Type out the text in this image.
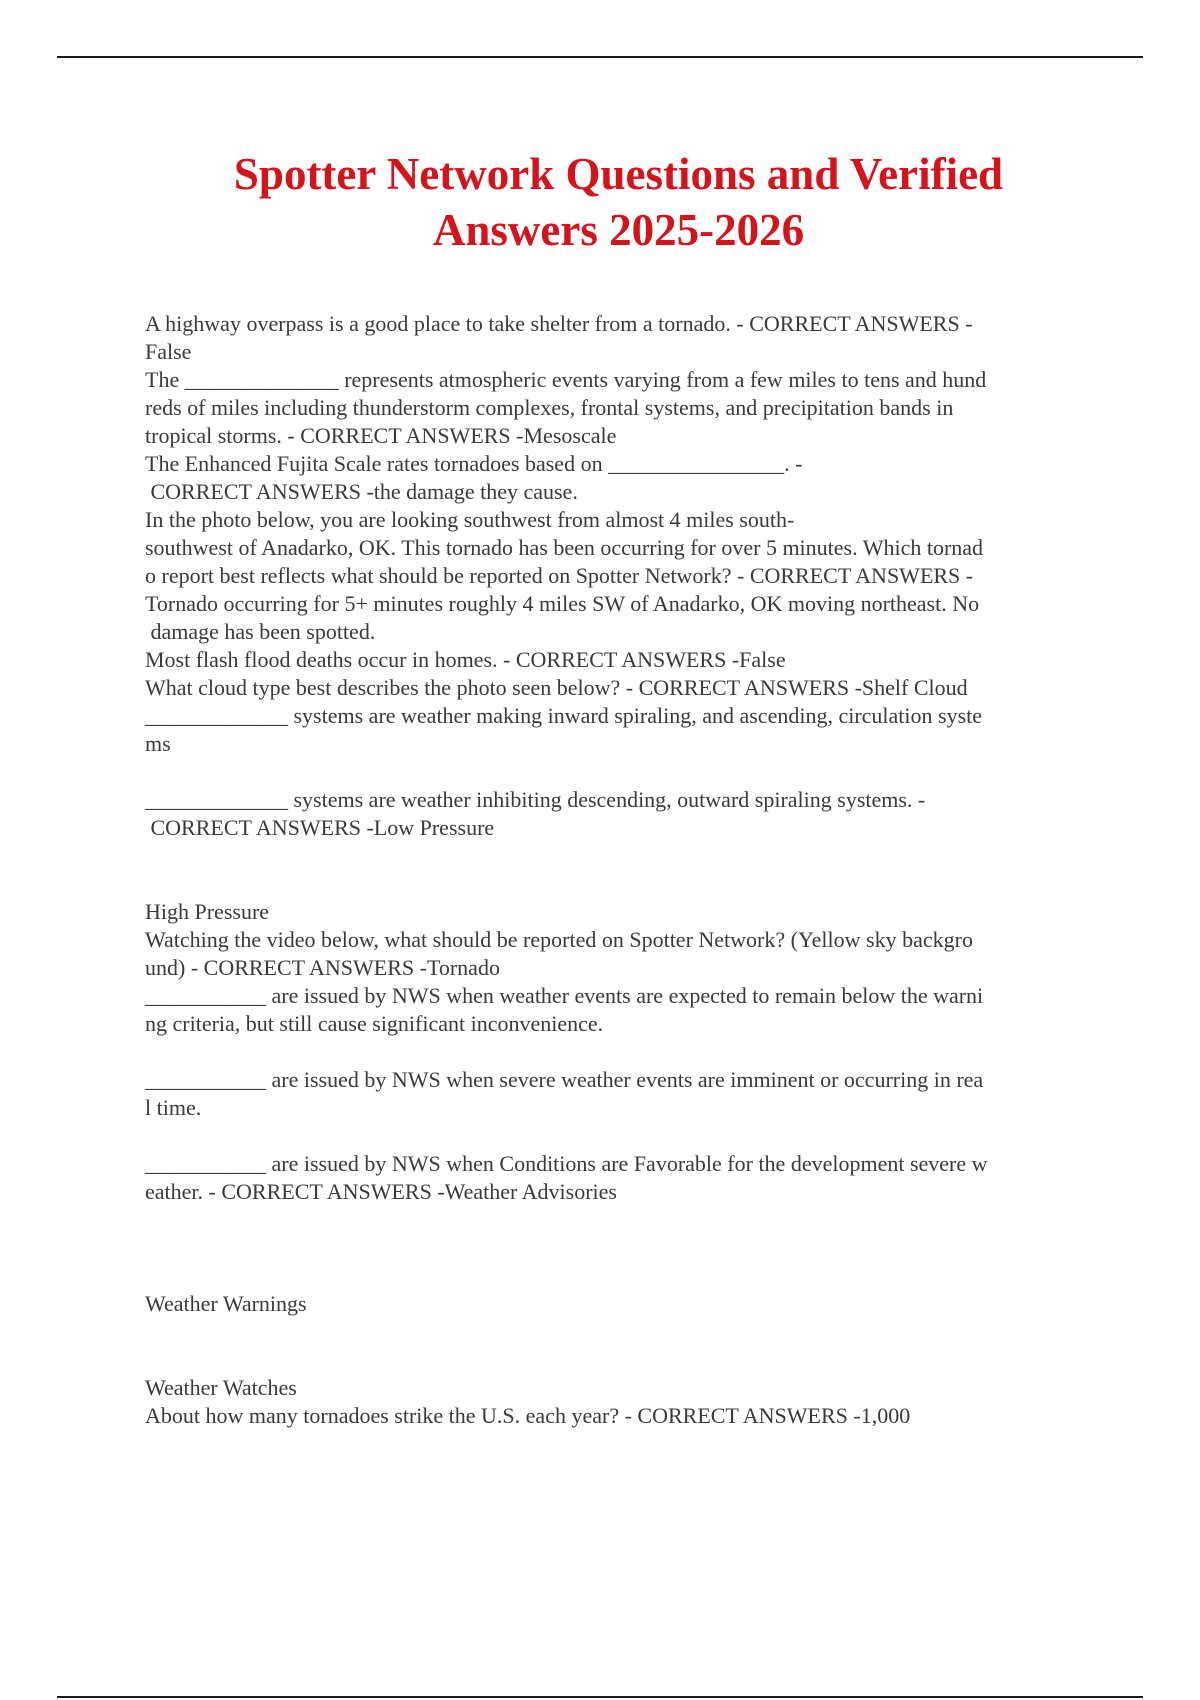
Spotter Network Questions and Verified
Answers 2025-2026
A highway overpass is a good place to take shelter from a tornado. - CORRECT ANSWERS -
False
The ______________ represents atmospheric events varying from a few miles to tens and hund
reds of miles including thunderstorm complexes, frontal systems, and precipitation bands in
tropical storms. - CORRECT ANSWERS -Mesoscale
The Enhanced Fujita Scale rates tornadoes based on ________________. -
CORRECT ANSWERS -the damage they cause.
In the photo below, you are looking southwest from almost 4 miles south-
southwest of Anadarko, OK. This tornado has been occurring for over 5 minutes. Which tornad
o report best reflects what should be reported on Spotter Network? - CORRECT ANSWERS -
Tornado occurring for 5+ minutes roughly 4 miles SW of Anadarko, OK moving northeast. No
damage has been spotted.
Most flash flood deaths occur in homes. - CORRECT ANSWERS -False
What cloud type best describes the photo seen below? - CORRECT ANSWERS -Shelf Cloud
_____________ systems are weather making inward spiraling, and ascending, circulation syste
ms
_____________ systems are weather inhibiting descending, outward spiraling systems. -
CORRECT ANSWERS -Low Pressure
High Pressure
Watching the video below, what should be reported on Spotter Network? (Yellow sky backgro
und) - CORRECT ANSWERS -Tornado
___________ are issued by NWS when weather events are expected to remain below the warni
ng criteria, but still cause significant inconvenience.
___________ are issued by NWS when severe weather events are imminent or occurring in rea
l time.
___________ are issued by NWS when Conditions are Favorable for the development severe w
eather. - CORRECT ANSWERS -Weather Advisories
Weather Warnings
Weather Watches
About how many tornadoes strike the U.S. each year? - CORRECT ANSWERS -1,000
